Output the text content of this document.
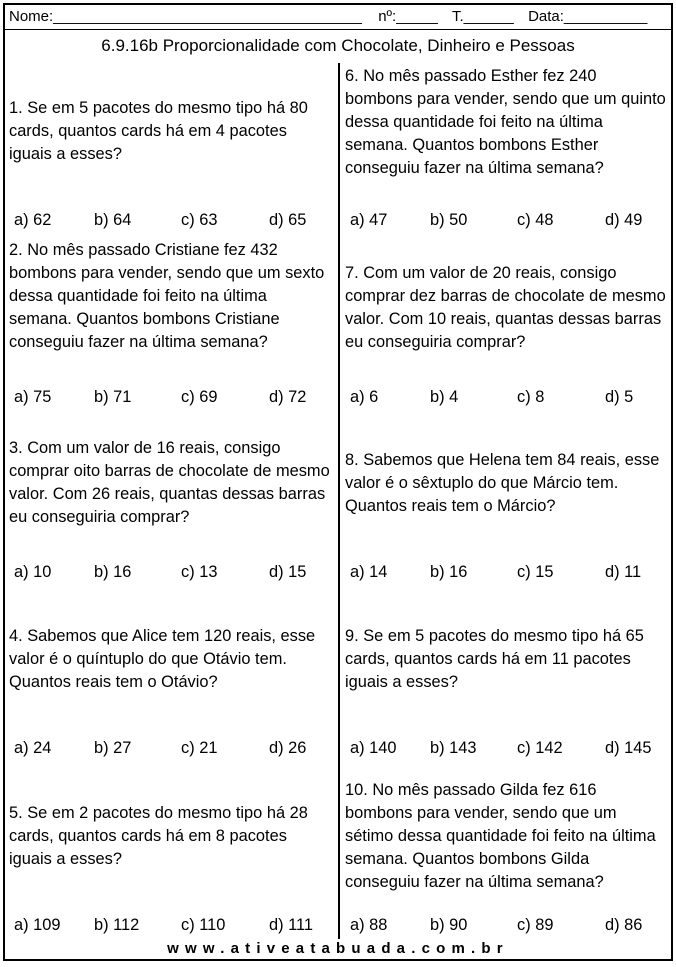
Nome:_____________________________________ nº:_____ T.______ Data:__________
6.9.16b Proporcionalidade com Chocolate, Dinheiro e Pessoas
1. Se em 5 pacotes do mesmo tipo há 80 cards, quantos cards há em 4 pacotes iguais a esses?
a) 62	b) 64	c) 63	d) 65
2. No mês passado Cristiane fez 432 bombons para vender, sendo que um sexto dessa quantidade foi feito na última semana. Quantos bombons Cristiane conseguiu fazer na última semana?
a) 75	b) 71	c) 69	d) 72
3. Com um valor de 16 reais, consigo comprar oito barras de chocolate de mesmo valor. Com 26 reais, quantas dessas barras eu conseguiria comprar?
a) 10	b) 16	c) 13	d) 15
4. Sabemos que Alice tem 120 reais, esse valor é o quíntuplo do que Otávio tem. Quantos reais tem o Otávio?
a) 24	b) 27	c) 21	d) 26
5. Se em 2 pacotes do mesmo tipo há 28 cards, quantos cards há em 8 pacotes iguais a esses?
a) 109 b) 112	c) 110	d) 111
6. No mês passado Esther fez 240 bombons para vender, sendo que um quinto dessa quantidade foi feito na última semana. Quantos bombons Esther conseguiu fazer na última semana?
a) 47	b) 50	c) 48	d) 49
7. Com um valor de 20 reais, consigo comprar dez barras de chocolate de mesmo valor. Com 10 reais, quantas dessas barras eu conseguiria comprar?
a) 6	b) 4	c) 8	d) 5
8. Sabemos que Helena tem 84 reais, esse valor é o sêxtuplo do que Márcio tem. Quantos reais tem o Márcio?
a) 14	b) 16	c) 15	d) 11
9. Se em 5 pacotes do mesmo tipo há 65 cards, quantos cards há em 11 pacotes iguais a esses?
a) 140 b) 143 c) 142	d) 145
10. No mês passado Gilda fez 616 bombons para vender, sendo que um sétimo dessa quantidade foi feito na última semana. Quantos bombons Gilda conseguiu fazer na última semana?
a) 88	b) 90	c) 89	d) 86
www.ativeatabuada.com.br
